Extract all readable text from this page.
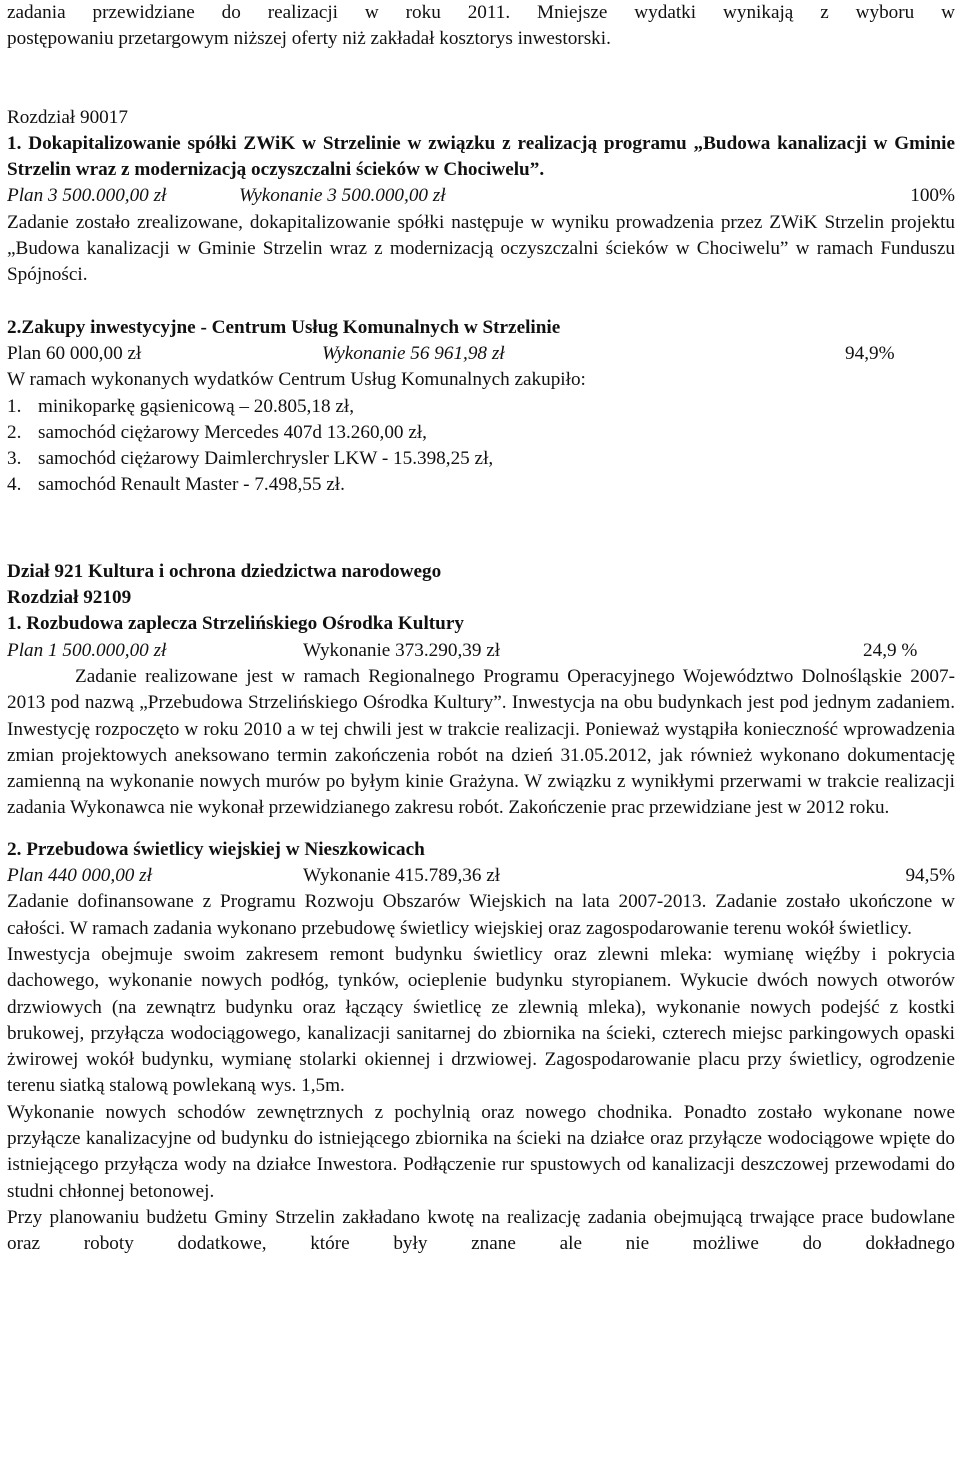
zadania przewidziane do realizacji w roku 2011. Mniejsze wydatki wynikają z wyboru w

postępowaniu przetargowym niższej oferty niż zakładał kosztorys inwestorski.

Rozdział 90017

1. Dokapitalizowanie spółki ZWiK w Strzelinie w związku z realizacją programu „Budowa kanalizacji w Gminie Strzelin wraz z modernizacją oczyszczalni ścieków w Chociwelu”.

Plan 3 500.000,00 zł	Wykonanie 3 500.000,00 zł	100%

Zadanie zostało zrealizowane, dokapitalizowanie spółki następuje w wyniku prowadzenia przez ZWiK Strzelin projektu „Budowa kanalizacji w Gminie Strzelin wraz z modernizacją oczyszczalni ścieków w Chociwelu” w ramach Funduszu Spójności.

2.Zakupy inwestycyjne - Centrum Usług Komunalnych w Strzelinie

Plan 60 000,00 zł	Wykonanie 56 961,98 zł	94,9%

W ramach wykonanych wydatków Centrum Usług Komunalnych zakupiło:

1. minikoparkę gąsienicową – 20.805,18 zł,
2. samochód ciężarowy Mercedes 407d 13.260,00 zł,
3. samochód ciężarowy Daimlerchrysler LKW - 15.398,25 zł,
4. samochód Renault Master - 7.498,55 zł.

Dział 921 Kultura i ochrona dziedzictwa narodowego

Rozdział 92109

1. Rozbudowa zaplecza Strzelińskiego Ośrodka Kultury

Plan 1 500.000,00 zł	Wykonanie 373.290,39 zł	24,9 %

Zadanie realizowane jest w ramach Regionalnego Programu Operacyjnego Województwo Dolnośląskie 2007-2013 pod nazwą „Przebudowa Strzelińskiego Ośrodka Kultury”. Inwestycja na obu budynkach jest pod jednym zadaniem. Inwestycję rozpoczęto w roku 2010 a w tej chwili jest w trakcie realizacji. Ponieważ wystąpiła konieczność wprowadzenia zmian projektowych aneksowano termin zakończenia robót na dzień 31.05.2012, jak również wykonano dokumentację zamienną na wykonanie nowych murów po byłym kinie Grażyna. W związku z wynikłymi przerwami w trakcie realizacji zadania Wykonawca nie wykonał przewidzianego zakresu robót. Zakończenie prac przewidziane jest w 2012 roku.

2. Przebudowa świetlicy wiejskiej w Nieszkowicach

Plan 440 000,00 zł	Wykonanie 415.789,36 zł	94,5%

Zadanie dofinansowane z Programu Rozwoju Obszarów Wiejskich na lata 2007-2013. Zadanie zostało ukończone w całości. W ramach zadania wykonano przebudowę świetlicy wiejskiej oraz zagospodarowanie terenu wokół świetlicy.

Inwestycja obejmuje swoim zakresem remont budynku świetlicy oraz zlewni mleka: wymianę więźby i pokrycia dachowego, wykonanie nowych podłóg, tynków, ocieplenie budynku styropianem. Wykucie dwóch nowych otworów drzwiowych (na zewnątrz budynku oraz łączący świetlicę ze zlewnią mleka), wykonanie nowych podejść z kostki brukowej, przyłącza wodociągowego, kanalizacji sanitarnej do zbiornika na ścieki, czterech miejsc parkingowych opaski żwirowej wokół budynku, wymianę stolarki okiennej i drzwiowej. Zagospodarowanie placu przy świetlicy, ogrodzenie terenu siatką stalową powlekaną wys. 1,5m.

Wykonanie nowych schodów zewnętrznych z pochylnią oraz nowego chodnika. Ponadto zostało wykonane nowe przyłącze kanalizacyjne od budynku do istniejącego zbiornika na ścieki na działce oraz przyłącze wodociągowe wpięte do istniejącego przyłącza wody na działce Inwestora. Podłączenie rur spustowych od kanalizacji deszczowej przewodami do studni chłonnej betonowej.

Przy planowaniu budżetu Gminy Strzelin zakładano kwotę na realizację zadania obejmującą trwające prace budowlane oraz roboty dodatkowe, które były znane ale nie możliwe do dokładnego
